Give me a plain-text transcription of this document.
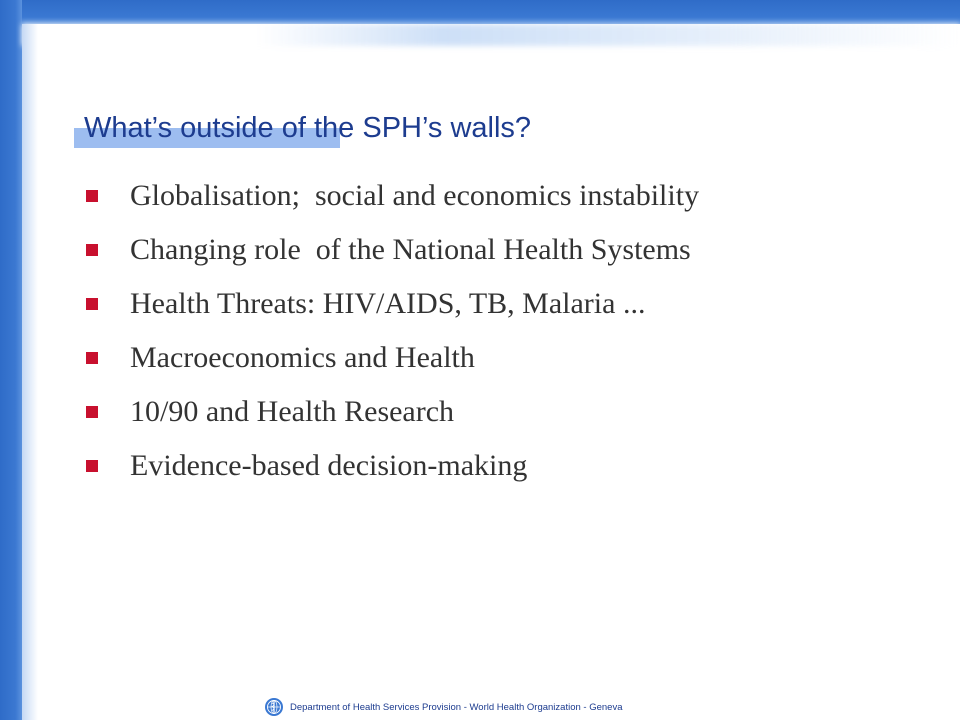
What’s outside of the SPH’s walls?
Globalisation;  social and economics instability
Changing role  of the National Health Systems
Health Threats: HIV/AIDS, TB, Malaria ...
Macroeconomics and Health
10/90 and Health Research
Evidence-based decision-making
Department of Health Services Provision - World Health Organization - Geneva
